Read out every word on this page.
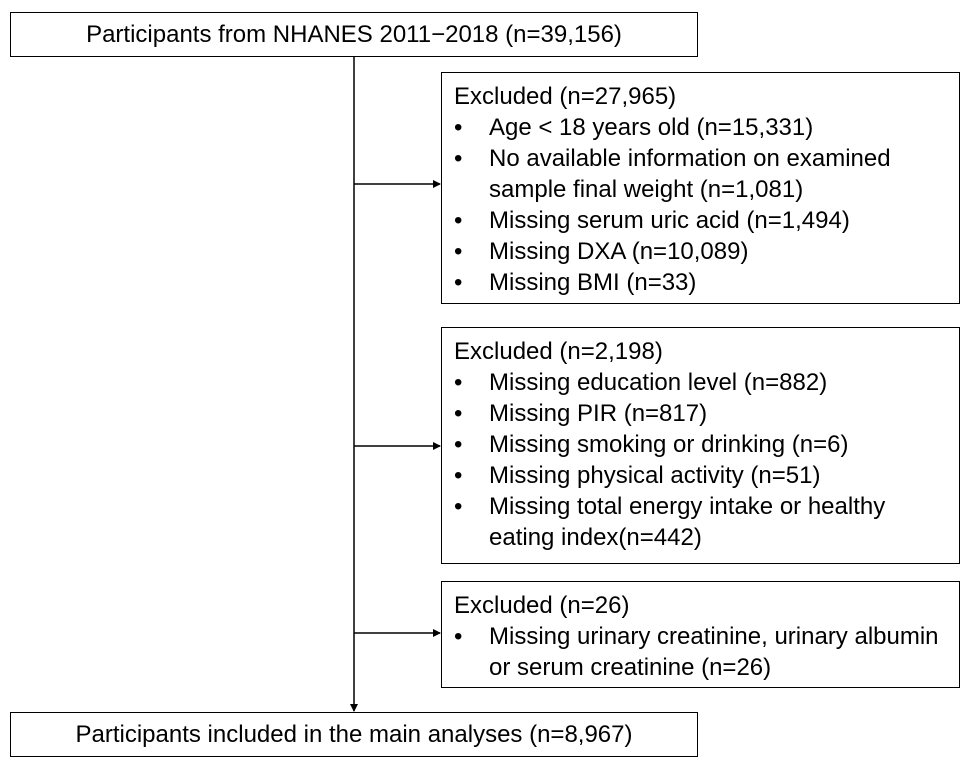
Participants from NHANES 2011−2018 (n=39,156)
Excluded (n=27,965)
• Age < 18 years old (n=15,331)
• No available information on examined sample final weight (n=1,081)
• Missing serum uric acid (n=1,494)
• Missing DXA (n=10,089)
• Missing BMI (n=33)
Excluded (n=2,198)
• Missing education level (n=882)
• Missing PIR (n=817)
• Missing smoking or drinking (n=6)
• Missing physical activity (n=51)
• Missing total energy intake or healthy eating index(n=442)
Excluded (n=26)
• Missing urinary creatinine, urinary albumin or serum creatinine (n=26)
Participants included in the main analyses (n=8,967)
